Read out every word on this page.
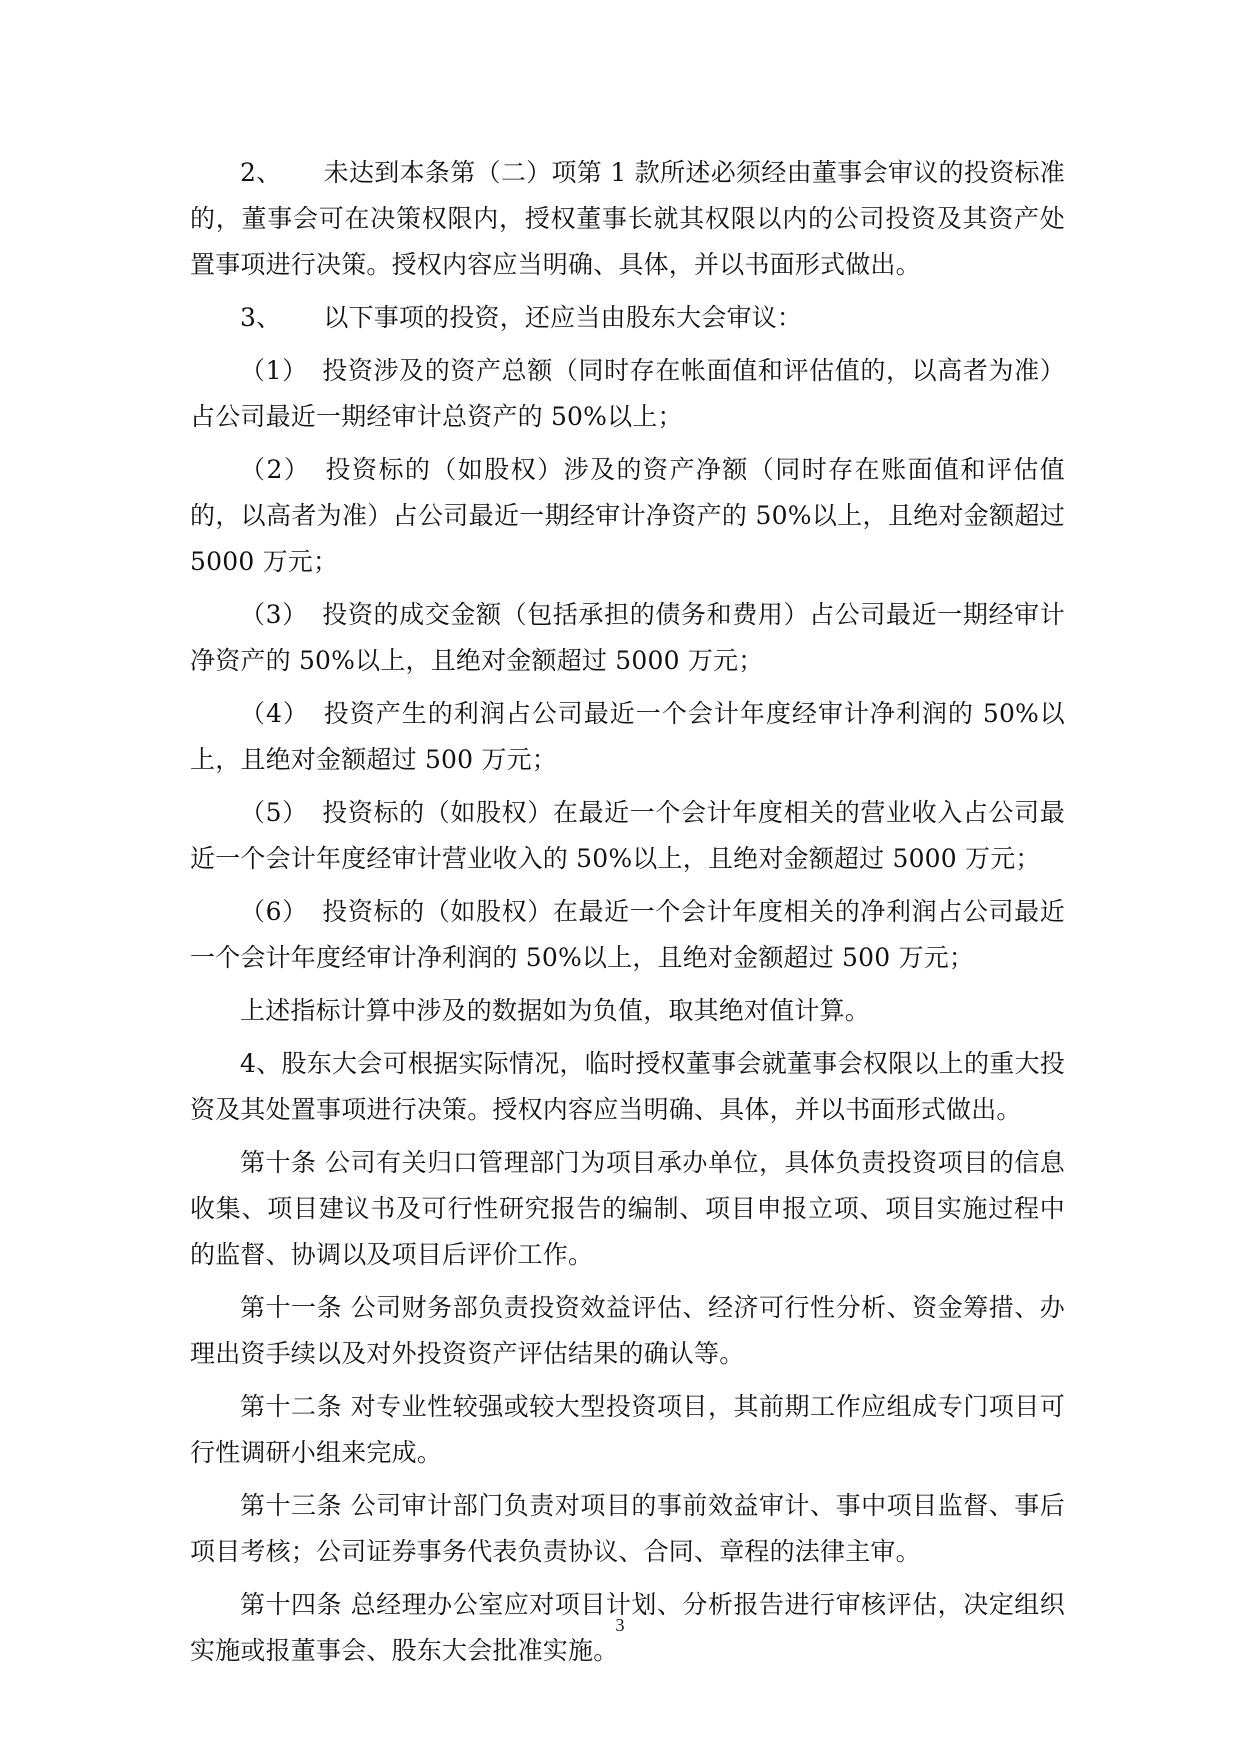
2、 未达到本条第（二）项第 1 款所述必须经由董事会审议的投资标准的，董事会可在决策权限内，授权董事长就其权限以内的公司投资及其资产处置事项进行决策。授权内容应当明确、具体，并以书面形式做出。

3、 以下事项的投资，还应当由股东大会审议：

（1） 投资涉及的资产总额（同时存在帐面值和评估值的，以高者为准）占公司最近一期经审计总资产的 50%以上；

（2） 投资标的（如股权）涉及的资产净额（同时存在账面值和评估值的，以高者为准）占公司最近一期经审计净资产的 50%以上，且绝对金额超过 5000 万元；

（3） 投资的成交金额（包括承担的债务和费用）占公司最近一期经审计净资产的 50%以上，且绝对金额超过 5000 万元；

（4） 投资产生的利润占公司最近一个会计年度经审计净利润的 50%以上，且绝对金额超过 500 万元；

（5） 投资标的（如股权）在最近一个会计年度相关的营业收入占公司最近一个会计年度经审计营业收入的 50%以上，且绝对金额超过 5000 万元；

（6） 投资标的（如股权）在最近一个会计年度相关的净利润占公司最近一个会计年度经审计净利润的 50%以上，且绝对金额超过 500 万元；

上述指标计算中涉及的数据如为负值，取其绝对值计算。

4、股东大会可根据实际情况，临时授权董事会就董事会权限以上的重大投资及其处置事项进行决策。授权内容应当明确、具体，并以书面形式做出。

第十条 公司有关归口管理部门为项目承办单位，具体负责投资项目的信息收集、项目建议书及可行性研究报告的编制、项目申报立项、项目实施过程中的监督、协调以及项目后评价工作。

第十一条 公司财务部负责投资效益评估、经济可行性分析、资金筹措、办理出资手续以及对外投资资产评估结果的确认等。

第十二条 对专业性较强或较大型投资项目，其前期工作应组成专门项目可行性调研小组来完成。

第十三条 公司审计部门负责对项目的事前效益审计、事中项目监督、事后项目考核；公司证券事务代表负责协议、合同、章程的法律主审。

第十四条 总经理办公室应对项目计划、分析报告进行审核评估，决定组织实施或报董事会、股东大会批准实施。

3
